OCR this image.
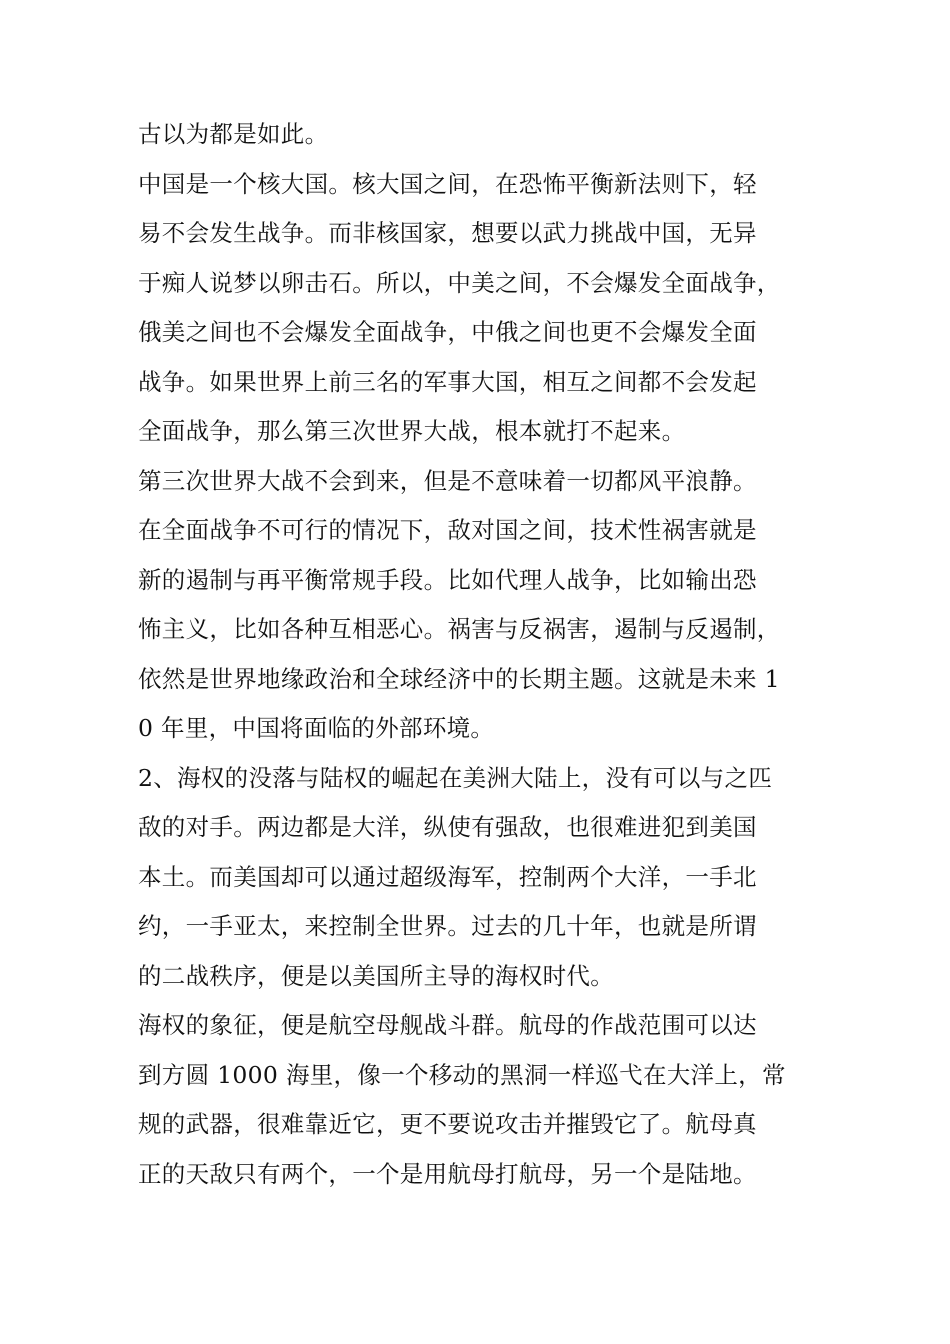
古以为都是如此。
中国是一个核大国。核大国之间，在恐怖平衡新法则下，轻
易不会发生战争。而非核国家，想要以武力挑战中国，无异
于痴人说梦以卵击石。所以，中美之间，不会爆发全面战争，
俄美之间也不会爆发全面战争，中俄之间也更不会爆发全面
战争。如果世界上前三名的军事大国，相互之间都不会发起
全面战争，那么第三次世界大战，根本就打不起来。
第三次世界大战不会到来，但是不意味着一切都风平浪静。
在全面战争不可行的情况下，敌对国之间，技术性祸害就是
新的遏制与再平衡常规手段。比如代理人战争，比如输出恐
怖主义，比如各种互相恶心。祸害与反祸害，遏制与反遏制，
依然是世界地缘政治和全球经济中的长期主题。这就是未来 1
0 年里，中国将面临的外部环境。
2、海权的没落与陆权的崛起在美洲大陆上，没有可以与之匹
敌的对手。两边都是大洋，纵使有强敌，也很难进犯到美国
本土。而美国却可以通过超级海军，控制两个大洋，一手北
约，一手亚太，来控制全世界。过去的几十年，也就是所谓
的二战秩序，便是以美国所主导的海权时代。
海权的象征，便是航空母舰战斗群。航母的作战范围可以达
到方圆 1000 海里，像一个移动的黑洞一样巡弋在大洋上，常
规的武器，很难靠近它，更不要说攻击并摧毁它了。航母真
正的天敌只有两个，一个是用航母打航母，另一个是陆地。
